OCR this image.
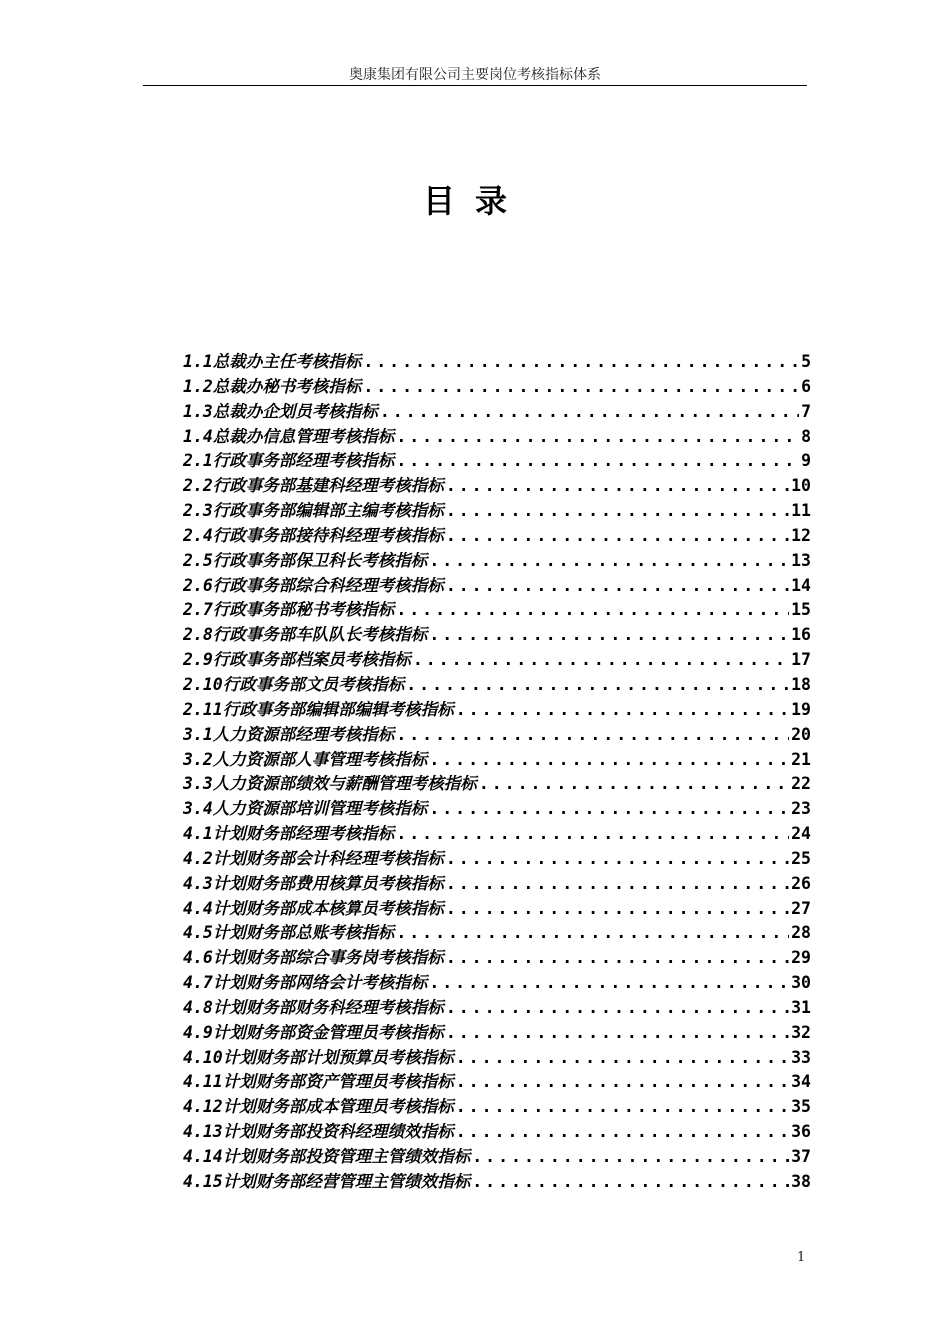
奥康集团有限公司主要岗位考核指标体系
目录
1.1总裁办主任考核指标 .....	5
1.2总裁办秘书考核指标 .....	6
1.3总裁办企划员考核指标 .....	7
1.4总裁办信息管理考核指标 .....	8
2.1行政事务部经理考核指标 .....	9
2.2行政事务部基建科经理考核指标 .....	10
2.3行政事务部编辑部主编考核指标 .....	11
2.4行政事务部接待科经理考核指标 .....	12
2.5行政事务部保卫科长考核指标 .....	13
2.6行政事务部综合科经理考核指标 .....	14
2.7行政事务部秘书考核指标 .....	15
2.8行政事务部车队队长考核指标 .....	16
2.9行政事务部档案员考核指标 .....	17
2.10行政事务部文员考核指标 .....	18
2.11行政事务部编辑部编辑考核指标 .....	19
3.1人力资源部经理考核指标 .....	20
3.2人力资源部人事管理考核指标 .....	21
3.3人力资源部绩效与薪酬管理考核指标 .....	22
3.4人力资源部培训管理考核指标 .....	23
4.1计划财务部经理考核指标 .....	24
4.2计划财务部会计科经理考核指标 .....	25
4.3计划财务部费用核算员考核指标 .....	26
4.4计划财务部成本核算员考核指标 .....	27
4.5计划财务部总账考核指标 .....	28
4.6计划财务部综合事务岗考核指标 .....	29
4.7计划财务部网络会计考核指标 .....	30
4.8计划财务部财务科经理考核指标 .....	31
4.9计划财务部资金管理员考核指标 .....	32
4.10计划财务部计划预算员考核指标 .....	33
4.11计划财务部资产管理员考核指标 .....	34
4.12计划财务部成本管理员考核指标 .....	35
4.13计划财务部投资科经理绩效指标 .....	36
4.14计划财务部投资管理主管绩效指标 .....	37
4.15计划财务部经营管理主管绩效指标 .....	38
1
